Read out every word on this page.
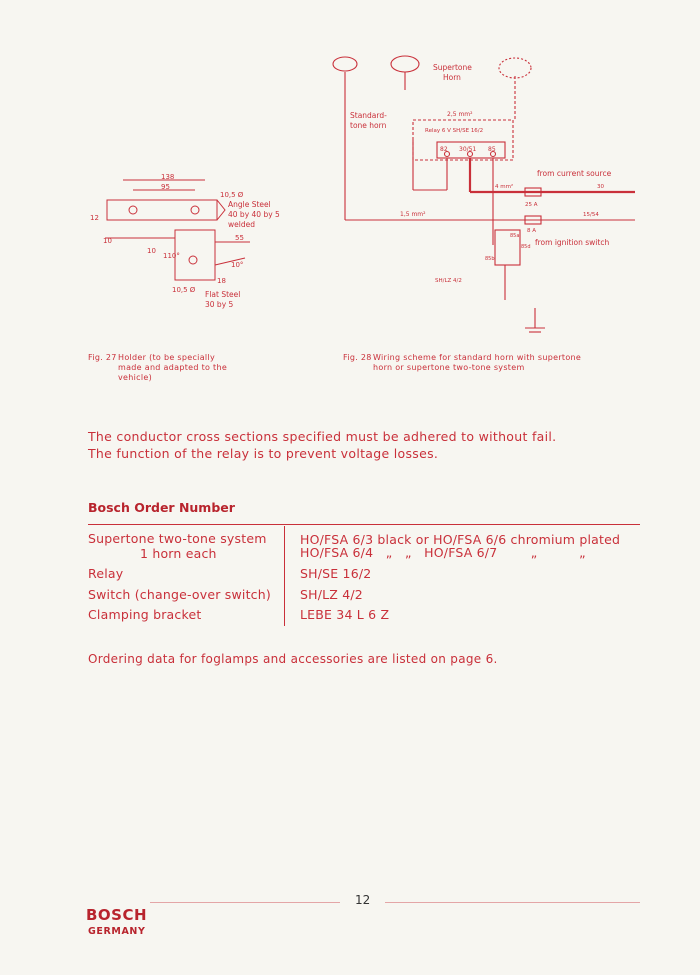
138
95
10,5 Ø
Angle Steel
40 by 40 by 5
welded
55
12
10
10
110°
10°
18
10,5 Ø Flat Steel
30 by 5
Fig. 27Holder (to be specially
made and adapted to the
vehicle)
Supertone
Horn
Standard-
tone horn
2,5 mm²
Relay 6 V SH/SE 16/2
82 30/51 85
from current source
4 mm²
25 A
30
1,5 mm²
8 A
15/54
from ignition switch
SH/LZ 4/2
85a
85b
85d
Fig. 28Wiring scheme for standard horn with supertone
horn or supertone two-tone system
The conductor cross sections specified must be adhered to without fail.
The function of the relay is to prevent voltage losses.
Bosch Order Number
Supertone two-tone system
1 horn each
HO/FSA 6/3 black or HO/FSA 6/6 chromium plated
HO/FSA 6/4   „   „   HO/FSA 6/7        „          „
Relay	SH/SE 16/2
Switch (change-over switch) SH/LZ 4/2
Clamping bracket	LEBE 34 L 6 Z
Ordering data for foglamps and accessories are listed on page 6.
12
BOSCH
GERMANY
